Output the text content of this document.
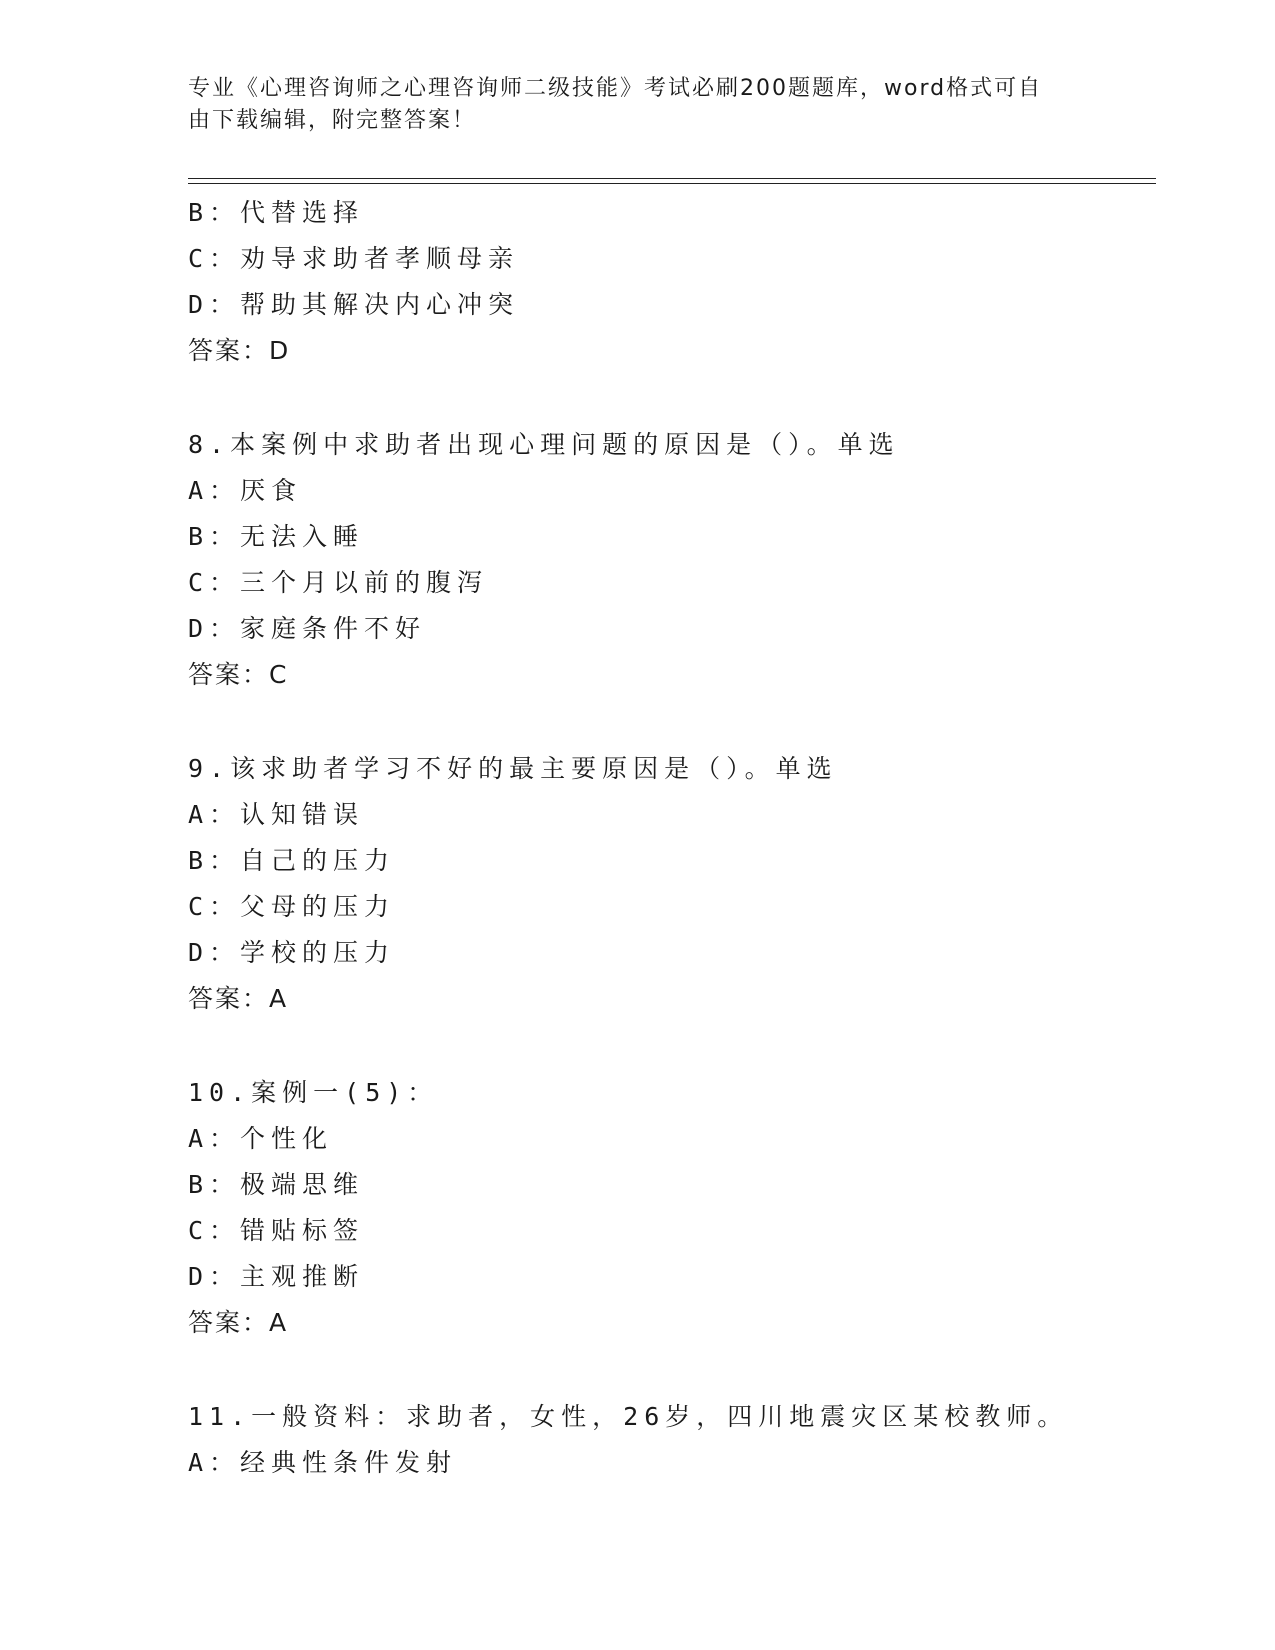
专业《心理咨询师之心理咨询师二级技能》考试必刷200题题库，word格式可自
由下载编辑，附完整答案！
B：代替选择
C：劝导求助者孝顺母亲
D：帮助其解决内心冲突
答案：D
8.本案例中求助者出现心理问题的原因是（）。单选
A：厌食
B：无法入睡
C：三个月以前的腹泻
D：家庭条件不好
答案：C
9.该求助者学习不好的最主要原因是（）。单选
A：认知错误
B：自己的压力
C：父母的压力
D：学校的压力
答案：A
10.案例一(5)：
A：个性化
B：极端思维
C：错贴标签
D：主观推断
答案：A
11.一般资料：求助者，女性，26岁，四川地震灾区某校教师。
A：经典性条件发射
